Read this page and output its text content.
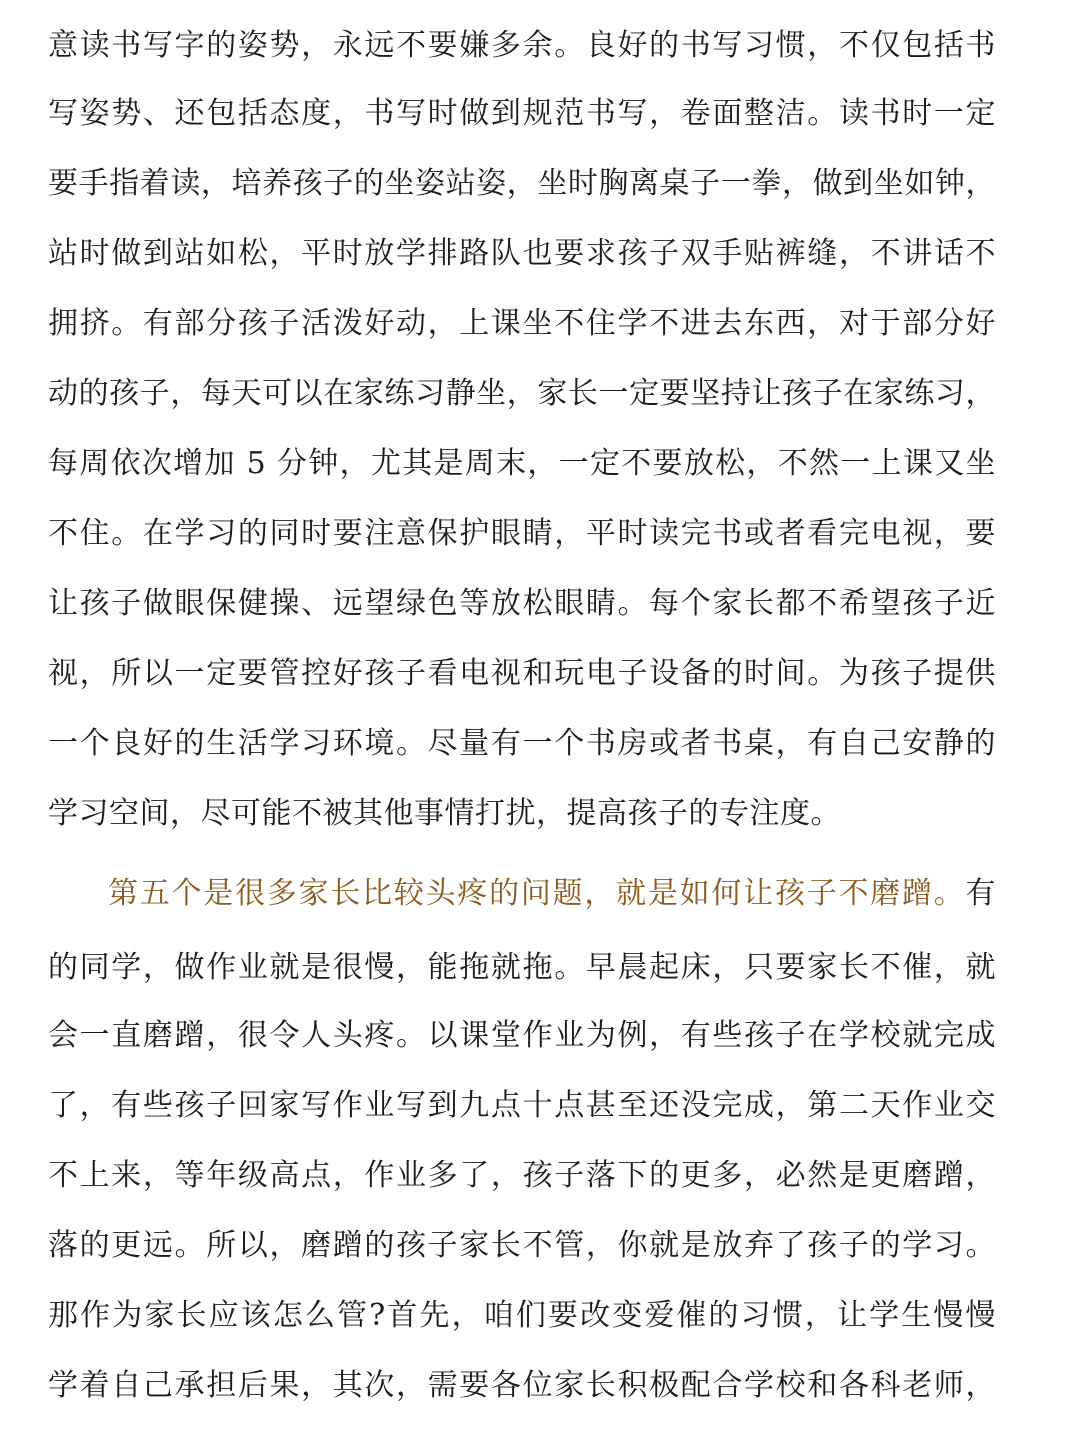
意读书写字的姿势，永远不要嫌多余。良好的书写习惯，不仅包括书
写姿势、还包括态度，书写时做到规范书写，卷面整洁。读书时一定
要手指着读，培养孩子的坐姿站姿，坐时胸离桌子一拳，做到坐如钟，
站时做到站如松，平时放学排路队也要求孩子双手贴裤缝，不讲话不
拥挤。有部分孩子活泼好动，上课坐不住学不进去东西，对于部分好
动的孩子，每天可以在家练习静坐，家长一定要坚持让孩子在家练习，
每周依次增加 5 分钟，尤其是周末，一定不要放松，不然一上课又坐
不住。在学习的同时要注意保护眼睛，平时读完书或者看完电视，要
让孩子做眼保健操、远望绿色等放松眼睛。每个家长都不希望孩子近
视，所以一定要管控好孩子看电视和玩电子设备的时间。为孩子提供
一个良好的生活学习环境。尽量有一个书房或者书桌，有自己安静的
学习空间，尽可能不被其他事情打扰，提高孩子的专注度。
第五个是很多家长比较头疼的问题，就是如何让孩子不磨蹭。有
的同学，做作业就是很慢，能拖就拖。早晨起床，只要家长不催，就
会一直磨蹭，很令人头疼。以课堂作业为例，有些孩子在学校就完成
了，有些孩子回家写作业写到九点十点甚至还没完成，第二天作业交
不上来，等年级高点，作业多了，孩子落下的更多，必然是更磨蹭，
落的更远。所以，磨蹭的孩子家长不管，你就是放弃了孩子的学习。
那作为家长应该怎么管?首先，咱们要改变爱催的习惯，让学生慢慢
学着自己承担后果，其次，需要各位家长积极配合学校和各科老师，
